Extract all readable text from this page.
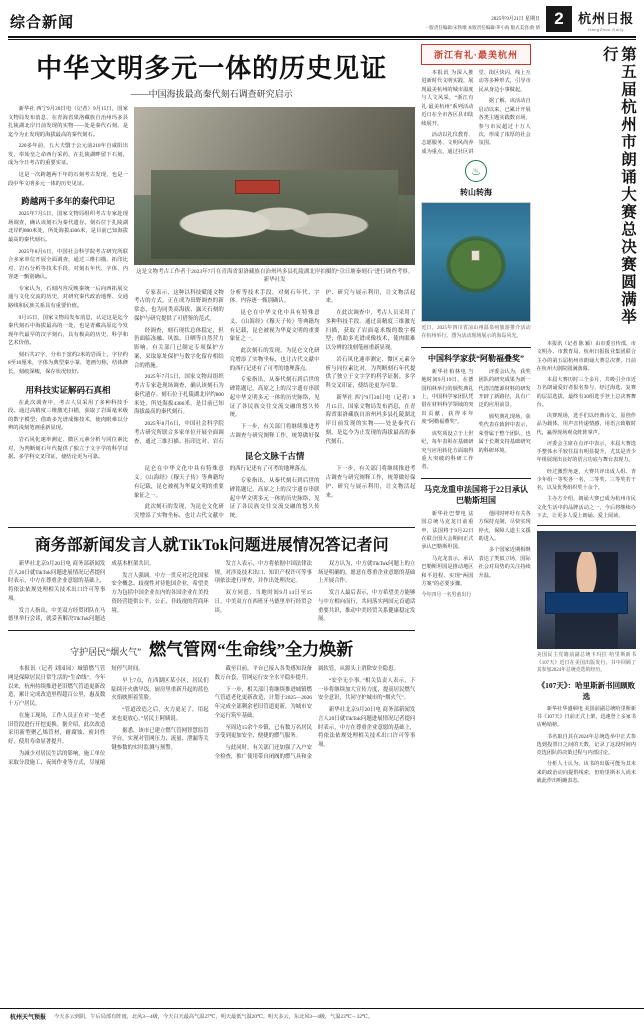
综合新闻	2025年9月21日 星期日
一版责任编辑/宋铁墩 本版责任编辑/茅小海 版式美容/俞 倩 2	杭州日报
HangZhou Daily
中华文明多元一体的历史见证
——中国海拔最高秦代刻石调查研究启示

新华社 西宁9月20日电（记者）9月15日，国家文物局发布消息，在青海省果洛藏族自治州玛多县扎陵湖北岸日前发现的实物——处是秦代石刻，是迄今为止发现的海拔最高的秦代刻石。

220多年前，五大夫翳于公元前210年自咸阳出发，奉始皇之命西行采药，在扎陵湖畔留下石刻，成为今日考古的重要实证。

这是一次跨越两千年的石刻考古发现，也是一段中华文明多元一体的历史见证。

跨越两千多年的秦代印记

2025年7月5日，国家文物局组织考古专家赴现场调查，确认该刻石为秦代遗存。刻石位于扎陵湖北岸约800米处，所处海拔4306米，是目前已知海拔最高的秦代刻石。

2025年8月6日，中国社会科学院考古研究所联合多家单位开展全面调查，通过三维扫描、拓印比对、岩石分析等技术手段，对刻石年代、字体、内容逐一甄别确认。

专家认为，石刻内容反映秦统一后向西拓展交通与文化交流的历史，对研究秦代政治地理、交通路线和民族关系具有重要价值。

9月15日，国家文物局发布消息，认定这是迄今秦代刻石中海拔最高的一处，也是青藏高原迄今发现年代最早的汉字刻石，具有极高的历史、科学和艺术价值。

刻石共37字，分布于宽约2米的岩面上，字径约8至10厘米，字体为典型秦小篆，笔画匀称，结体修长，刻痕深峻，保存状况较好。

用科技实证解码石真相

在此次调查中，考古人员采用了多种科技手段。通过高精度三维激光扫描，获取了岩面毫米级的数字模型；借助多光谱成像技术，使肉眼难以分辨的浅刻笔画重新显现。

岩石风化速率测定、微区元素分析与同位素比对，为判断刻石年代提供了独立于文字学的科学证据。多学科交叉印证，使结论更为可靠。

这是文物考古工作者于2023年7月在青海省果洛藏族自治州玛多县扎陵湖北岸拍摄的“尕日塘秦刻石”进行调查考察。 新华社发

专家表示，这种以科技赋能文物考古的方式，正在成为田野调查的新常态，也为同类高海拔、露天石刻的保护与研究提供了可借鉴的范式。

经调查，刻石现状总体稳定，但仍面临冻融、风蚀、日晒等自然营力影响。有关部门已制定专项保护方案，采取原址保护与数字化留存相结合的措施。

2025年7月5日，国家文物局组织考古专家赴现场调查，确认该刻石为秦代遗存。刻石位于扎陵湖北岸约800米处，所处海拔4306米，是目前已知海拔最高的秦代刻石。

2025年8月6日，中国社会科学院考古研究所联合多家单位开展全面调查，通过三维扫描、拓印比对、岩石分析等技术手段，对刻石年代、字体、内容逐一甄别确认。

昆仑在中华文化中具有特殊意义。《山海经》《穆天子传》等典籍均有记载，昆仑被视为华夏文明的重要象征之一。

此次刻石的发现，为昆仑文化研究增添了实物坐标，也让古代文献中的西行记述有了可考的地理落点。

专家指出，从秦代刻石到后世的碑铭题记，高原之上的汉字遗存串联起中华文明多元一体的历史脉络，见证了各民族交往交流交融的悠久传统。

下一步，有关部门将继续推进考古调查与研究阐释工作，统筹做好保护、研究与展示利用，让文物活起来。

在此次调查中，考古人员采用了多种科技手段。通过高精度三维激光扫描，获取了岩面毫米级的数字模型；借助多光谱成像技术，使肉眼难以分辨的浅刻笔画重新显现。

岩石风化速率测定、微区元素分析与同位素比对，为判断刻石年代提供了独立于文字学的科学证据。多学科交叉印证，使结论更为可靠。

新华社 西宁9月20日电（记者）9月15日，国家文物局发布消息，在青海省果洛藏族自治州玛多县扎陵湖北岸日前发现的实物——处是秦代石刻，是迄今为止发现的海拔最高的秦代刻石。

昆仑文脉千古情

昆仑在中华文化中具有特殊意义。《山海经》《穆天子传》等典籍均有记载，昆仑被视为华夏文明的重要象征之一。

此次刻石的发现，为昆仑文化研究增添了实物坐标，也让古代文献中的西行记述有了可考的地理落点。

专家指出，从秦代刻石到后世的碑铭题记，高原之上的汉字遗存串联起中华文明多元一体的历史脉络，见证了各民族交往交流交融的悠久传统。

下一步，有关部门将继续推进考古调查与研究阐释工作，统筹做好保护、研究与展示利用，让文物活起来。

商务部新闻发言人就TikTok问题进展情况答记者问

新华社北京9月20日电 商务部新闻发言人20日就TikTok问题进展情况记者提问时表示，中方在尊重企业意愿的基础上，将依法依规处理相关技术出口许可等事项。

发言人指出，中美双方经贸团队在马德里举行会谈，就妥善解决TikTok问题达成基本框架共识。

发言人强调，中方一贯反对泛化国家安全概念、歧视性对待他国企业，希望美方为包括中国企业在内的各国企业在美投资经营提供公平、公正、非歧视的营商环境。

发言人表示，中方将依据中国法律法规，对涉及技术出口、知识产权许可等事项依法进行审查，并作出处理决定。

双方同意，当地时间9月14日至15日，中美双方在西班牙马德里举行经贸会谈。

双方认为，中方就TikTok问题上的立场是明确的，愿意在尊重企业意愿的基础上开展合作。

发言人最后表示，中方希望美方能够与中方相向而行，共同落实两国元首通话重要共识，推动中美经贸关系健康稳定发展。

守护居民“烟火气” 燃气管网“生命线”全力焕新

本报讯（记者 刘园园）城镇燃气管网是保障居民日常生活的“生命线”。今年以来，杭州持续推进老旧燃气管道更新改造，累计完成改造里程超百公里，惠及数十万户居民。

在施工现场，工作人员正在对一处老旧管段进行开挖更换。据介绍，此次改造采用新型聚乙烯管材，耐腐蚀、密封性好，使用寿命显著提升。

为减少对居民生活的影响，施工单位采取分段施工、夜间作业等方式，尽量缩短停气时间。

早上7点，在西湖区某小区，居民们陆续开火做早饭，厨房里重新升起的蓝色火焰映照着笑脸。

“管道改造之后，火力更足了，用起来也更放心。”居民王阿姨说。

据悉，该市已建立燃气管网智慧监管平台，实现对管网压力、流量、泄漏等关键参数的实时监测与预警。

截至目前，平台已接入各类感知设备数万台套，管网运行安全水平稳步提升。

下一步，相关部门将继续推进城镇燃气管道老化更新改造，计划于2025—2026年完成全部剩余老旧管道更新，为城市安全运行筑牢基础。

至周边15余个乡镇，已有数万名居民享受到更加安全、便捷的燃气服务。

与此同时，有关部门还加强了入户安全检查，推广使用带自闭阀的燃气具和金属软管，从源头上消除安全隐患。

“安全无小事。”相关负责人表示，下一步将继续加大宣传力度，提高居民燃气安全意识，共同守护城市的“烟火气”。

新华社北京9月20日电 商务部新闻发言人20日就TikTok问题进展情况记者提问时表示，中方在尊重企业意愿的基础上，将依法依规处理相关技术出口许可等事项。

浙江有礼·最美杭州

本报讯 为深入推进新时代文明实践，展现最美杭州的城市温度与人文风采，“浙江有礼·最美杭州”系列活动近日在全市各区县市陆续展开。

活动以礼仪教育、志愿服务、文明风尚养成为重点，通过社区讲堂、街区快闪、线上互动等多种形式，引导市民从身边小事做起。

据了解，该活动自启动以来，已累计开展各类主题实践数百场，参与市民超过十万人次，形成了浓厚的社会氛围。

♨
转山转海
近日，2025年四川省凉山州温泉州旅游推介活动在杭州举行。图为活动现场展示的海岛风光。
中国科学家获“阿勒福叠奖”

新华社柏林电 当地时间9月19日，在德国柏林举行的颁奖典礼上，中国科学家团队凭借在材料科学领域的突出贡献，获得本年度“阿勒福叠奖”。

该奖项设立于上世纪，每年表彰在基础研究与应用转化方面取得重大突破的科研工作者。

评委会认为，获奖团队的研究成果为新一代清洁能源材料的研发开辟了新路径，具有广泛的应用前景。

颁奖典礼现场，获奖代表在致辞中表示，荣誉属于整个团队，也属于长期支持基础研究的科研环境。

马克龙重申法国将于22日承认巴勒斯坦国

新华社巴黎电 法国总统马克龙日前重申，法国将于9月22日在联合国大会期间正式承认巴勒斯坦国。

马克龙表示，承认巴勒斯坦国是推动地区和平进程、实现“两国方案”的必要步骤。

他同时呼吁有关各方保持克制，尽快实现停火，保障人道主义援助进入。

多个国家近期相继表达了类似立场，国际社会对局势的关注持续升温。

今年四月一名男童出行
第五届杭州市朗诵大赛总决赛圆满举行

本报讯（记者 陈 颖）由市委宣传部、市文明办、市教育局、杭州日报报业集团联合主办的第五届杭州市朗诵大赛总决赛，日前在杭州大剧院圆满落幕。

本届大赛历时三个多月，共吸引全市近万名朗诵爱好者报名参与，经过海选、复赛的层层选拔，最终有30组选手登上总决赛舞台。

决赛现场，选手们以经典诗文、原创作品为载体，用声音传递情感，用语言致敬时代，赢得现场观众阵阵掌声。

评委会主席在点评中表示，本届大赛选手整体水平较往届有明显提升，尤其是青少年组展现出良好的语言功底与舞台表现力。

经过激烈角逐，大赛共评出成人组、青少年组一等奖各一名，二等奖、三等奖若干名，以及优秀组织奖十余个。

主办方介绍，朗诵大赛已成为杭州市民文化生活中的品牌活动之一，今后将继续办下去，让更多人爱上朗诵、爱上阅读。

美国民主党籍前副总统卡玛拉·哈里斯新书《107天》近日在美国出版发行，书中回顾了其参加2024年总统竞选的经历。
《107天》：哈里斯新书回顾败选

新华社华盛顿电 美国前副总统哈里斯新书《107天》日前正式上架，迅速登上多家书店畅销榜。

书名取自其在2024年总统选举中正式参选到投票日之间的天数，记录了这段时间内竞选团队的决策过程与内部讨论。

分析人士认为，该书的出版可能为其未来的政治动向提供线索，但哈里斯本人尚未就此作出明确表态。

杭州天气预报 今天多云到阴，午后局部有阵雨，北风3—4级，今天白天最高气温27℃，明天最低气温20℃。明天多云，东北风3—4级，气温23℃－32℃。
